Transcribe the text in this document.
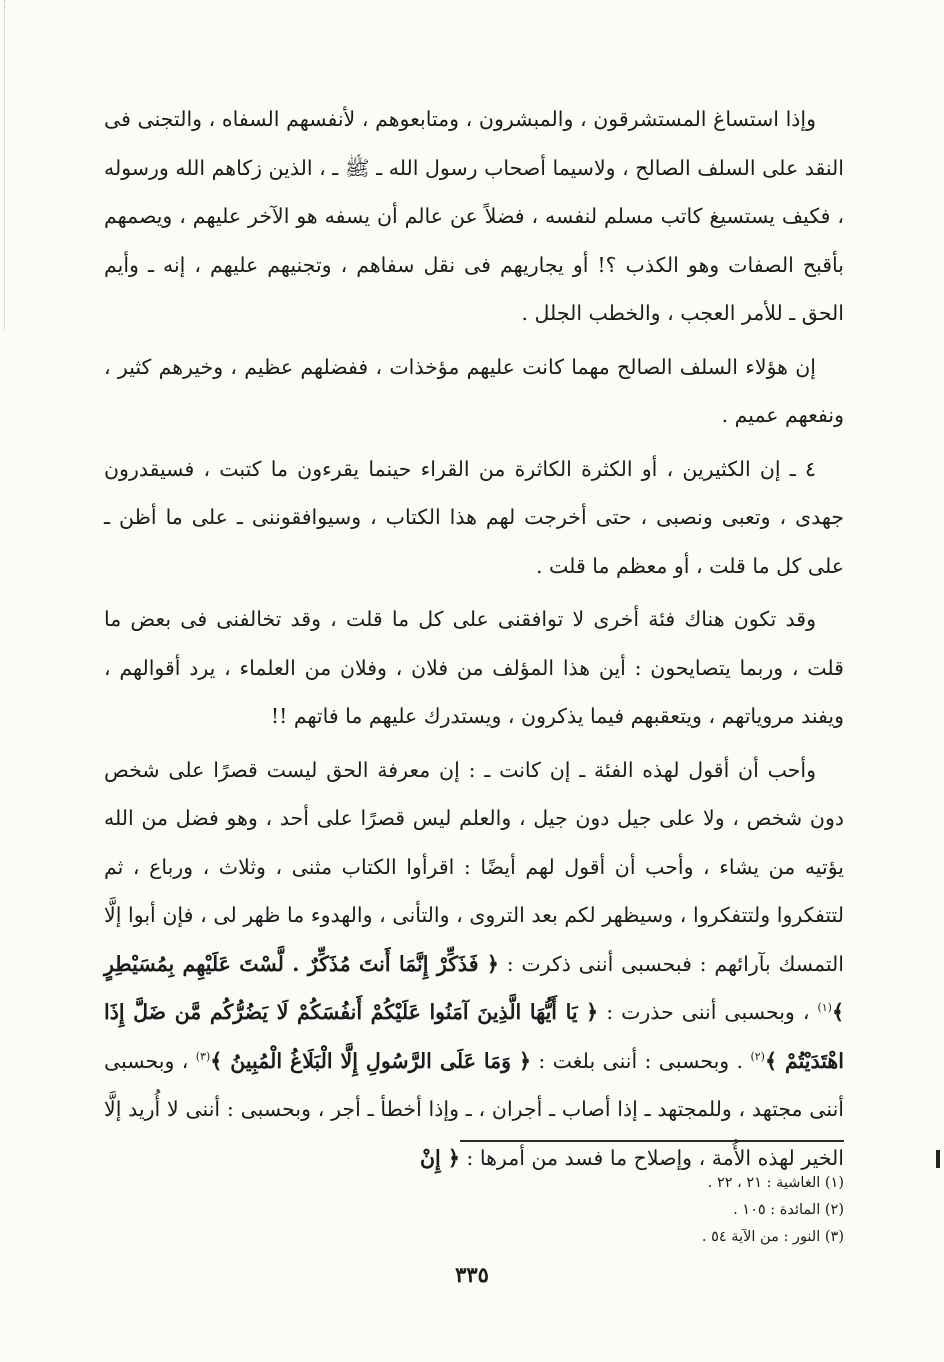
وإذا استساغ المستشرقون ، والمبشرون ، ومتابعوهم ، لأنفسهم السفاه ، والتجنى فى النقد على السلف الصالح ، ولاسيما أصحاب رسول الله ـ ﷺ ـ ، الذين زكاهم الله ورسوله ، فكيف يستسيغ كاتب مسلم لنفسه ، فضلاً عن عالم أن يسفه هو الآخر عليهم ، ويصمهم بأقبح الصفات وهو الكذب ؟! أو يجاريهم فى نقل سفاهم ، وتجنيهم عليهم ، إنه ـ وأيم الحق ـ للأمر العجب ، والخطب الجلل .

إن هؤلاء السلف الصالح مهما كانت عليهم مؤخذات ، ففضلهم عظيم ، وخيرهم كثير ، ونفعهم عميم .

٤ ـ إن الكثيرين ، أو الكثرة الكاثرة من القراء حينما يقرءون ما كتبت ، فسيقدرون جهدى ، وتعبى ونصبى ، حتى أخرجت لهم هذا الكتاب ، وسيوافقوننى ـ على ما أظن ـ على كل ما قلت ، أو معظم ما قلت .

وقد تكون هناك فئة أخرى لا توافقنى على كل ما قلت ، وقد تخالفنى فى بعض ما قلت ، وربما يتصايحون : أين هذا المؤلف من فلان ، وفلان من العلماء ، يرد أقوالهم ، ويفند مروياتهم ، ويتعقبهم فيما يذكرون ، ويستدرك عليهم ما فاتهم !!

وأحب أن أقول لهذه الفئة ـ إن كانت ـ : إن معرفة الحق ليست قصرًا على شخص دون شخص ، ولا على جيل دون جيل ، والعلم ليس قصرًا على أحد ، وهو فضل من الله يؤتيه من يشاء ، وأحب أن أقول لهم أيضًا : اقرأوا الكتاب مثنى ، وثلاث ، ورباع ، ثم لتتفكروا ولتتفكروا ، وسيظهر لكم بعد التروى ، والتأنى ، والهدوء ما ظهر لى ، فإن أبوا إلَّا التمسك بآرائهم : فبحسبى أننى ذكرت : ﴿ فَذَكِّرْ إِنَّمَا أَنتَ مُذَكِّرٌ . لَّسْتَ عَلَيْهِم بِمُسَيْطِرٍ ﴾$^{(١)}$ ، وبحسبى أننى حذرت : ﴿ يَا أَيُّهَا الَّذِينَ آمَنُوا عَلَيْكُمْ أَنفُسَكُمْ لَا يَضُرُّكُم مَّن ضَلَّ إِذَا اهْتَدَيْتُمْ ﴾$^{(٢)}$ . وبحسبى : أننى بلغت : ﴿ وَمَا عَلَى الرَّسُولِ إِلَّا الْبَلَاغُ الْمُبِينُ ﴾$^{(٣)}$ ، وبحسبى أننى مجتهد ، وللمجتهد ـ إذا أصاب ـ أجران ، ـ وإذا أخطأ ـ أجر ، وبحسبى : أننى لا أُريد إلَّا الخير لهذه الأُمة ، وإصلاح ما فسد من أمرها : ﴿ إِنْ

(١) الغاشية : ٢١ ، ٢٢ .
(٢) المائدة : ١٠٥ .
(٣) النور : من الآية ٥٤ .
٣٣٥
